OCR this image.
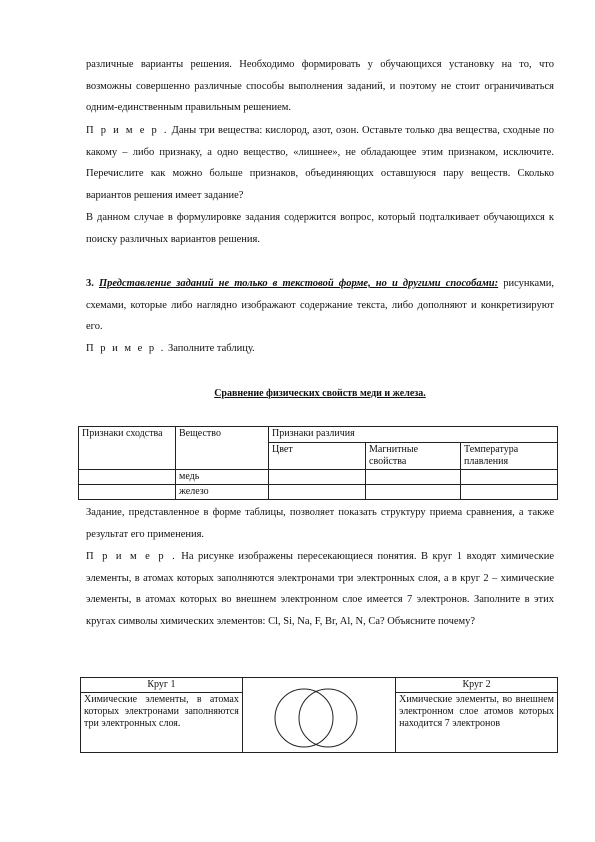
различные варианты решения. Необходимо формировать у обучающихся установку на то, что возможны совершенно различные способы выполнения заданий, и поэтому не стоит ограничиваться одним-единственным правильным решением.
П р и м е р . Даны три вещества: кислород, азот, озон. Оставьте только два вещества, сходные по какому – либо признаку, а одно вещество, «лишнее», не обладающее этим признаком, исключите. Перечислите как можно больше признаков, объединяющих оставшуюся пару веществ. Сколько вариантов решения имеет задание?
В данном случае в формулировке задания содержится вопрос, который подталкивает обучающихся к поиску различных вариантов решения.
3. Представление заданий не только в текстовой форме, но и другими способами: рисунками, схемами, которые либо наглядно изображают содержание текста, либо дополняют и конкретизируют его.
П р и м е р . Заполните таблицу.
Сравнение физических свойств меди и железа.
Признаки сходства	Вещество	Признаки различия		
		Цвет	Магнитные свойства	Температура плавления
	медь			
	железо			
Задание, представленное в форме таблицы, позволяет показать структуру приема сравнения, а также результат его применения.
П р и м е р . На рисунке изображены пересекающиеся понятия. В круг 1 входят химические элементы, в атомах которых заполняются электронами три электронных слоя, а в круг 2 – химические элементы, в атомах которых во внешнем электронном слое имеется 7 электронов. Заполните в этих кругах символы химических элементов: Cl, Si, Na, F, Br, Al, N, Ca? Объясните почему?
Круг 1		Круг 2
Химические элементы, в атомах которых электронами заполняются три электронных слоя.		Химические элементы, во внешнем электронном слое атомов которых находится 7 электронов
